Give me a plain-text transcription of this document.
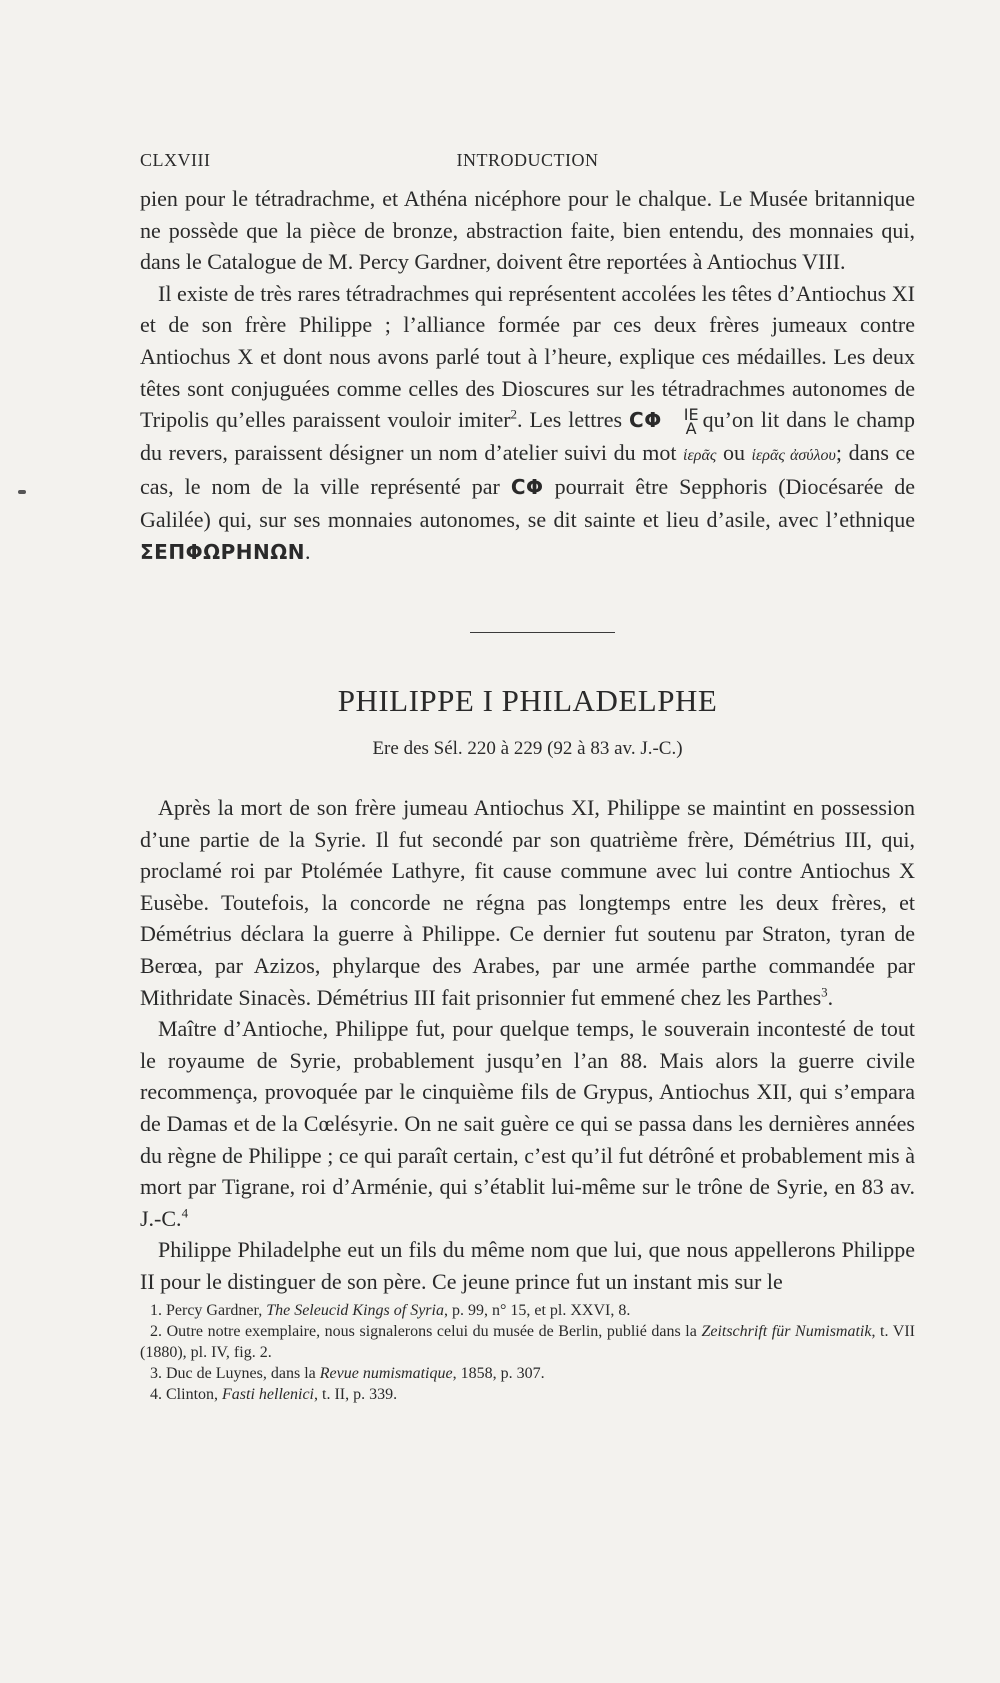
CLXVIII	INTRODUCTION

pien pour le tétradrachme, et Athéna nicéphore pour le chalque. Le Musée britannique ne possède que la pièce de bronze, abstraction faite, bien entendu, des monnaies qui, dans le Catalogue de M. Percy Gardner, doivent être reportées à Antiochus VIII.

Il existe de très rares tétradrachmes qui représentent accolées les têtes d’Antiochus XI et de son frère Philippe ; l’alliance formée par ces deux frères jumeaux contre Antiochus X et dont nous avons parlé tout à l’heure, explique ces médailles. Les deux têtes sont conjuguées comme celles des Dioscures sur les tétradrachmes autonomes de Tripolis qu’elles paraissent vouloir imiter$^2$. Les lettres CΦ	IE
A qu’on lit dans le champ du revers, paraissent désigner un nom d’atelier suivi du mot ἱερᾶς ou ἱερᾶς ἀσύλου; dans ce cas, le nom de la ville représenté par CΦ pourrait être Sepphoris (Diocésarée de Galilée) qui, sur ses monnaies autonomes, se dit sainte et lieu d’asile, avec l’ethnique ΣΕΠΦΩΡΗΝΩΝ.

PHILIPPE I PHILADELPHE
Ere des Sél. 220 à 229 (92 à 83 av. J.-C.)

Après la mort de son frère jumeau Antiochus XI, Philippe se maintint en possession d’une partie de la Syrie. Il fut secondé par son quatrième frère, Démétrius III, qui, proclamé roi par Ptolémée Lathyre, fit cause commune avec lui contre Antiochus X Eusèbe. Toutefois, la concorde ne régna pas longtemps entre les deux frères, et Démétrius déclara la guerre à Philippe. Ce dernier fut soutenu par Straton, tyran de Berœa, par Azizos, phylarque des Arabes, par une armée parthe commandée par Mithridate Sinacès. Démétrius III fait prisonnier fut emmené chez les Parthes$^3$.

Maître d’Antioche, Philippe fut, pour quelque temps, le souverain incontesté de tout le royaume de Syrie, probablement jusqu’en l’an 88. Mais alors la guerre civile recommença, provoquée par le cinquième fils de Grypus, Antiochus XII, qui s’empara de Damas et de la Cœlésyrie. On ne sait guère ce qui se passa dans les dernières années du règne de Philippe ; ce qui paraît certain, c’est qu’il fut détrôné et probablement mis à mort par Tigrane, roi d’Arménie, qui s’établit lui-même sur le trône de Syrie, en 83 av. J.-C.$^4$

Philippe Philadelphe eut un fils du même nom que lui, que nous appellerons Philippe II pour le distinguer de son père. Ce jeune prince fut un instant mis sur le

1. Percy Gardner, The Seleucid Kings of Syria, p. 99, n° 15, et pl. XXVI, 8.

2. Outre notre exemplaire, nous signalerons celui du musée de Berlin, publié dans la Zeitschrift für Numismatik, t. VII (1880), pl. IV, fig. 2.

3. Duc de Luynes, dans la Revue numismatique, 1858, p. 307.

4. Clinton, Fasti hellenici, t. II, p. 339.
